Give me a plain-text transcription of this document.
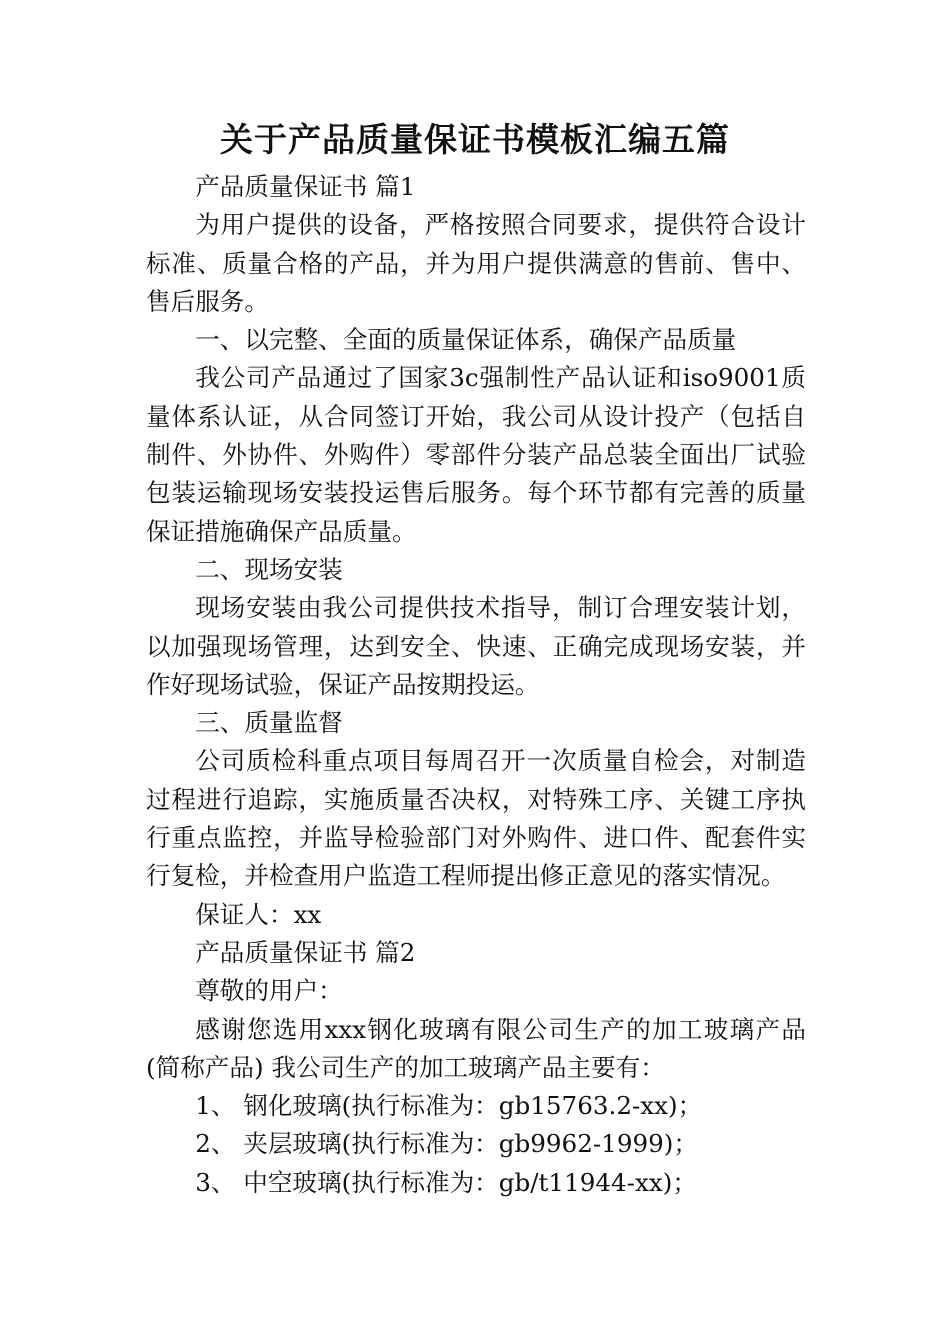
关于产品质量保证书模板汇编五篇

产品质量保证书 篇1

为用户提供的设备，严格按照合同要求，提供符合设计标准、质量合格的产品，并为用户提供满意的售前、售中、售后服务。

一、以完整、全面的质量保证体系，确保产品质量

我公司产品通过了国家3c强制性产品认证和iso9001质量体系认证，从合同签订开始，我公司从设计投产（包括自制件、外协件、外购件）零部件分装产品总装全面出厂试验包装运输现场安装投运售后服务。每个环节都有完善的质量保证措施确保产品质量。

二、现场安装

现场安装由我公司提供技术指导，制订合理安装计划，以加强现场管理，达到安全、快速、正确完成现场安装，并作好现场试验，保证产品按期投运。

三、质量监督

公司质检科重点项目每周召开一次质量自检会，对制造过程进行追踪，实施质量否决权，对特殊工序、关键工序执行重点监控，并监导检验部门对外购件、进口件、配套件实行复检，并检查用户监造工程师提出修正意见的落实情况。

保证人：xx

产品质量保证书 篇2

尊敬的用户：

感谢您选用xxx钢化玻璃有限公司生产的加工玻璃产品(简称产品) 我公司生产的加工玻璃产品主要有：

1、 钢化玻璃(执行标准为：gb15763.2-xx)；

2、 夹层玻璃(执行标准为：gb9962-1999)；

3、 中空玻璃(执行标准为：gb/t11944-xx)；
